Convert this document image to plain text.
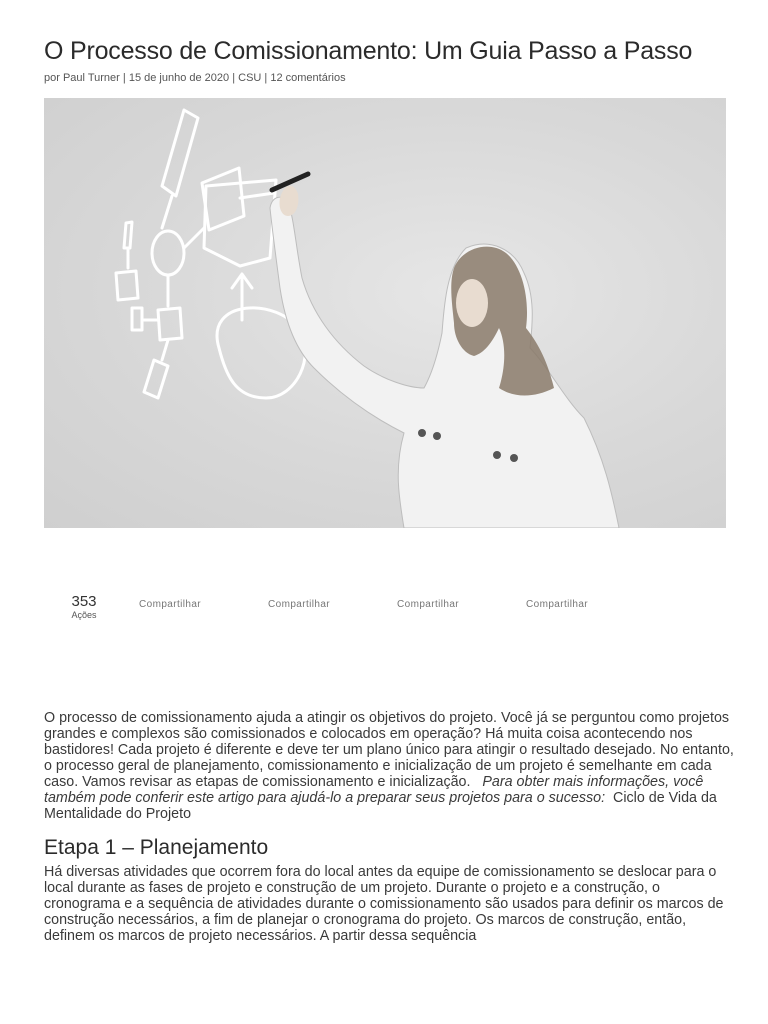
O Processo de Comissionamento: Um Guia Passo a Passo
por Paul Turner | 15 de junho de 2020 | CSU | 12 comentários
353
Ações
Compartilhar	Compartilhar	Compartilhar	Compartilhar

O processo de comissionamento ajuda a atingir os objetivos do projeto. Você já se perguntou como projetos grandes e complexos são comissionados e colocados em operação? Há muita coisa acontecendo nos bastidores! Cada projeto é diferente e deve ter um plano único para atingir o resultado desejado. No entanto, o processo geral de planejamento, comissionamento e inicialização de um projeto é semelhante em cada caso. Vamos revisar as etapas de comissionamento e inicialização. Para obter mais informações, você também pode conferir este artigo para ajudá-lo a preparar seus projetos para o sucesso: Ciclo de Vida da Mentalidade do Projeto

Etapa 1 – Planejamento

Há diversas atividades que ocorrem fora do local antes da equipe de comissionamento se deslocar para o local durante as fases de projeto e construção de um projeto. Durante o projeto e a construção, o cronograma e a sequência de atividades durante o comissionamento são usados para definir os marcos de construção necessários, a fim de planejar o cronograma do projeto. Os marcos de construção, então, definem os marcos de projeto necessários. A partir dessa sequência
